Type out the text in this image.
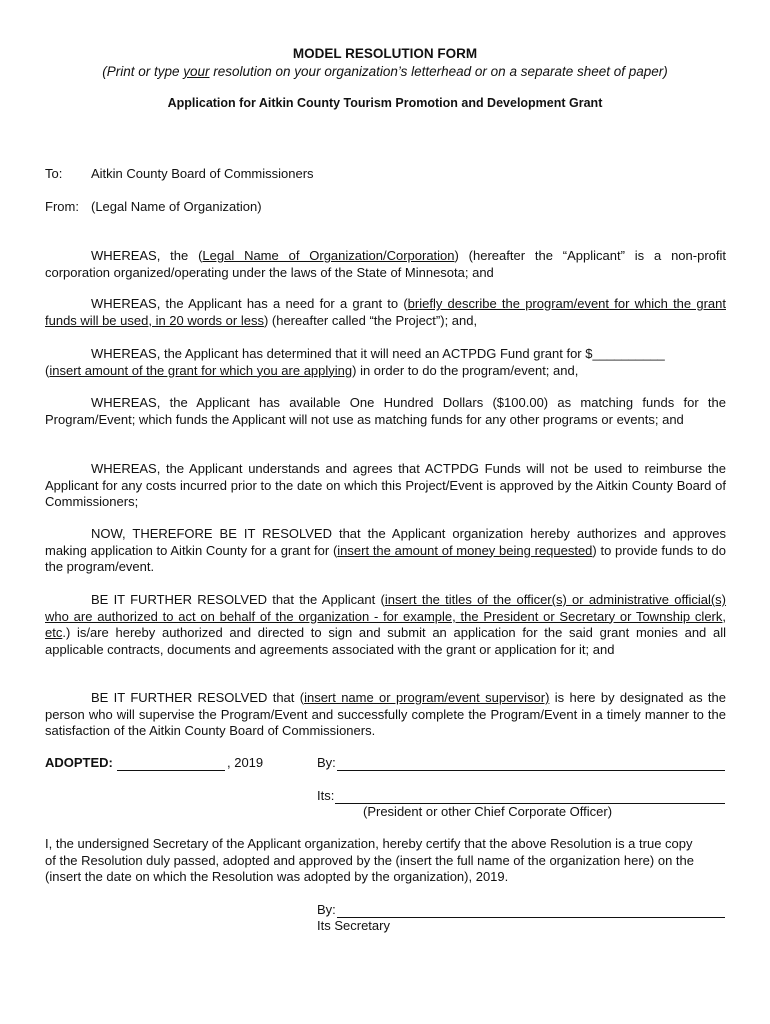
MODEL RESOLUTION FORM
(Print or type your resolution on your organization’s letterhead or on a separate sheet of paper)
Application for Aitkin County Tourism Promotion and Development Grant
To: Aitkin County Board of Commissioners
From: (Legal Name of Organization)
WHEREAS, the (Legal Name of Organization/Corporation) (hereafter the “Applicant” is a non-profit corporation organized/operating under the laws of the State of Minnesota; and
WHEREAS, the Applicant has a need for a grant to (briefly describe the program/event for which the grant funds will be used, in 20 words or less) (hereafter called “the Project”); and,
WHEREAS, the Applicant has determined that it will need an ACTPDG Fund grant for $__________
(insert amount of the grant for which you are applying) in order to do the program/event; and,
WHEREAS, the Applicant has available One Hundred Dollars ($100.00) as matching funds for the Program/Event; which funds the Applicant will not use as matching funds for any other programs or events; and
WHEREAS, the Applicant understands and agrees that ACTPDG Funds will not be used to reimburse the Applicant for any costs incurred prior to the date on which this Project/Event is approved by the Aitkin County Board of Commissioners;
NOW, THEREFORE BE IT RESOLVED that the Applicant organization hereby authorizes and approves making application to Aitkin County for a grant for (insert the amount of money being requested) to provide funds to do the program/event.
BE IT FURTHER RESOLVED that the Applicant (insert the titles of the officer(s) or administrative official(s) who are authorized to act on behalf of the organization - for example, the President or Secretary or Township clerk, etc.) is/are hereby authorized and directed to sign and submit an application for the said grant monies and all applicable contracts, documents and agreements associated with the grant or application for it; and
BE IT FURTHER RESOLVED that (insert name or program/event supervisor) is here by designated as the person who will supervise the Program/Event and successfully complete the Program/Event in a timely manner to the satisfaction of the Aitkin County Board of Commissioners.
ADOPTED:	, 2019	By:
Its:
(President or other Chief Corporate Officer)
I, the undersigned Secretary of the Applicant organization, hereby certify that the above Resolution is a true copy of the Resolution duly passed, adopted and approved by the (insert the full name of the organization here) on the (insert the date on which the Resolution was adopted by the organization), 2019.
By:
Its Secretary
